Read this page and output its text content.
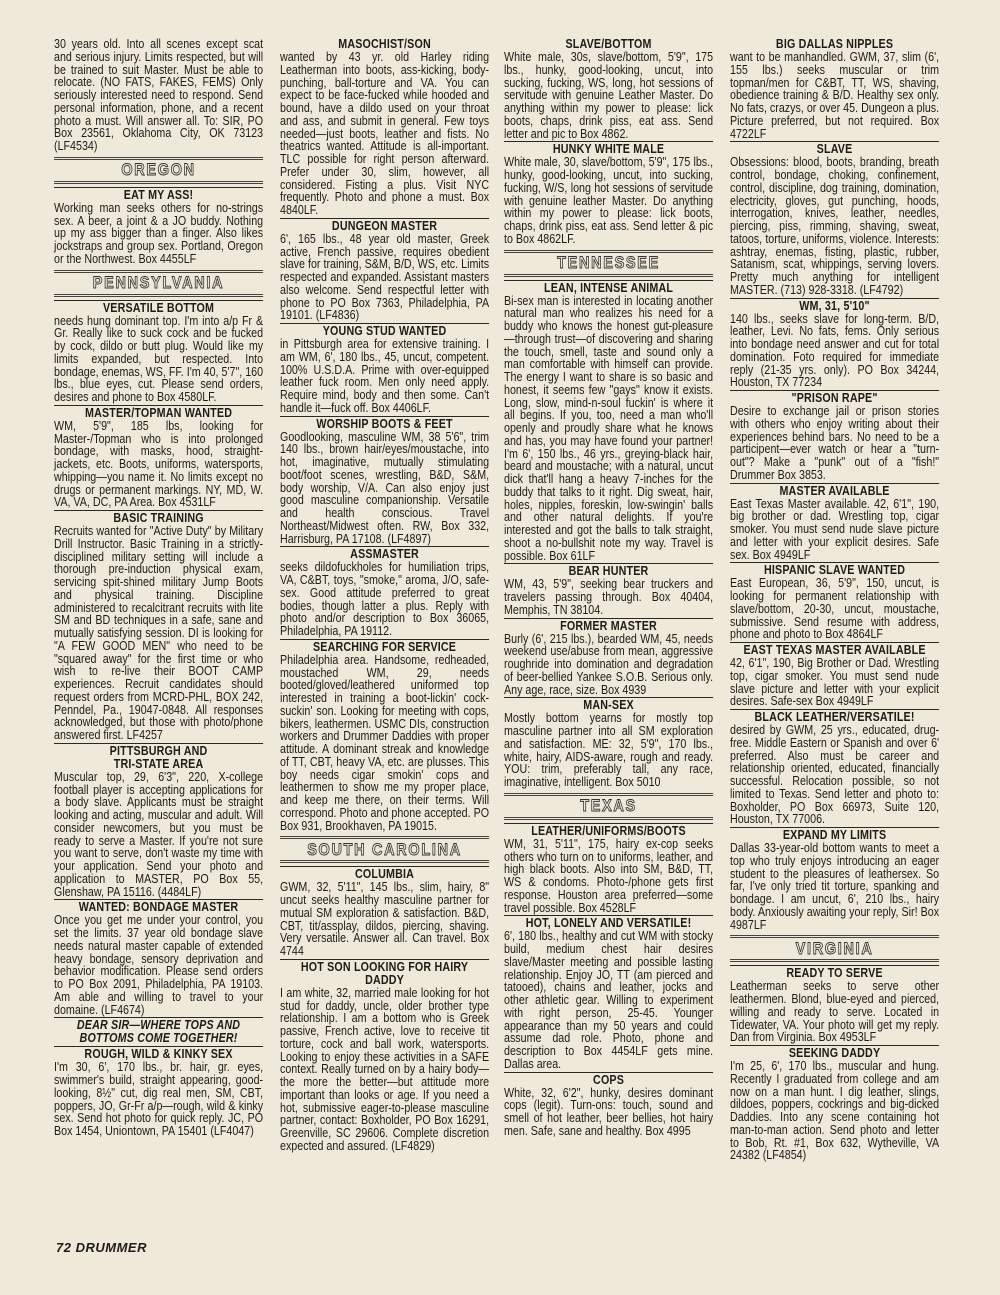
30 years old. Into all scenes except scat and serious injury. Limits respected, but will be trained to suit Master. Must be able to relocate. (NO FATS, FAKES, FEMS) Only seriously interested need to respond. Send personal information, phone, and a recent photo a must. Will answer all. To: SIR, PO Box 23561, Oklahoma City, OK 73123 (LF4534)
OREGON
EAT MY ASS!
Working man seeks others for no-strings sex. A beer, a joint & a JO buddy. Nothing up my ass bigger than a finger. Also likes jockstraps and group sex. Portland, Oregon or the Northwest. Box 4455LF
PENNSYLVANIA
VERSATILE BOTTOM
needs hung dominant top. I'm into a/p Fr & Gr. Really like to suck cock and be fucked by cock, dildo or butt plug. Would like my limits expanded, but respected. Into bondage, enemas, WS, FF. I'm 40, 5'7", 160 lbs., blue eyes, cut. Please send orders, desires and phone to Box 4580LF.
MASTER/TOPMAN WANTED
WM, 5'9", 185 lbs, looking for Master-/Topman who is into prolonged bondage, with masks, hood, straight-jackets, etc. Boots, uniforms, watersports, whipping—you name it. No limits except no drugs or permanent markings. NY, MD, W. VA, VA, DC, PA Area. Box 4531LF
BASIC TRAINING
Recruits wanted for "Active Duty" by Military Drill Instructor. Basic Training in a strictly-disciplined military setting will include a thorough pre-induction physical exam, servicing spit-shined military Jump Boots and physical training. Discipline administered to recalcitrant recruits with lite SM and BD techniques in a safe, sane and mutually satisfying session. DI is looking for "A FEW GOOD MEN" who need to be "squared away" for the first time or who wish to re-live their BOOT CAMP experiences. Recruit candidates should request orders from MCRD-PHL, BOX 242, Penndel, Pa., 19047-0848. All responses acknowledged, but those with photo/phone answered first. LF4257
PITTSBURGH AND
TRI-STATE AREA
Muscular top, 29, 6'3", 220, X-college football player is accepting applications for a body slave. Applicants must be straight looking and acting, muscular and adult. Will consider newcomers, but you must be ready to serve a Master. If you're not sure you want to serve, don't waste my time with your application. Send your photo and application to MASTER, PO Box 55, Glenshaw, PA 15116. (4484LF)
WANTED: BONDAGE MASTER
Once you get me under your control, you set the limits. 37 year old bondage slave needs natural master capable of extended heavy bondage, sensory deprivation and behavior modification. Please send orders to PO Box 2091, Philadelphia, PA 19103. Am able and willing to travel to your domaine. (LF4674)
DEAR SIR—WHERE TOPS AND
BOTTOMS COME TOGETHER!
ROUGH, WILD & KINKY SEX
I'm 30, 6', 170 lbs., br. hair, gr. eyes, swimmer's build, straight appearing, good-looking, 8½" cut, dig real men, SM, CBT, poppers, JO, Gr-Fr a/p—rough, wild & kinky sex. Send hot photo for quick reply. JC, PO Box 1454, Uniontown, PA 15401 (LF4047)
MASOCHIST/SON
wanted by 43 yr. old Harley riding Leatherman into boots, ass-kicking, body-punching, ball-torture and VA. You can expect to be face-fucked while hooded and bound, have a dildo used on your throat and ass, and submit in general. Few toys needed—just boots, leather and fists. No theatrics wanted. Attitude is all-important. TLC possible for right person afterward. Prefer under 30, slim, however, all considered. Fisting a plus. Visit NYC frequently. Photo and phone a must. Box 4840LF.
DUNGEON MASTER
6', 165 lbs., 48 year old master, Greek active, French passive, requires obedient slave for training, S&M, B/D, WS, etc. Limits respected and expanded. Assistant masters also welcome. Send respectful letter with phone to PO Box 7363, Philadelphia, PA 19101. (LF4836)
YOUNG STUD WANTED
in Pittsburgh area for extensive training. I am WM, 6', 180 lbs., 45, uncut, competent. 100% U.S.D.A. Prime with over-equipped leather fuck room. Men only need apply. Require mind, body and then some. Can't handle it—fuck off. Box 4406LF.
WORSHIP BOOTS & FEET
Goodlooking, masculine WM, 38 5'6", trim 140 lbs., brown hair/eyes/moustache, into hot, imaginative, mutually stimulating boot/foot scenes, wrestling, B&D, S&M, body worship, V/A. Can also enjoy just good masculine companionship. Versatile and health conscious. Travel Northeast/Midwest often. RW, Box 332, Harrisburg, PA 17108. (LF4897)
ASSMASTER
seeks dildofuckholes for humiliation trips, VA, C&BT, toys, "smoke," aroma, J/O, safe-sex. Good attitude preferred to great bodies, though latter a plus. Reply with photo and/or description to Box 36065, Philadelphia, PA 19112.
SEARCHING FOR SERVICE
Philadelphia area. Handsome, redheaded, moustached WM, 29, needs booted/gloved/leathered uniformed top interested in training a boot-lickin' cock-suckin' son. Looking for meeting with cops, bikers, leathermen. USMC DIs, construction workers and Drummer Daddies with proper attitude. A dominant streak and knowledge of TT, CBT, heavy VA, etc. are plusses. This boy needs cigar smokin' cops and leathermen to show me my proper place, and keep me there, on their terms. Will correspond. Photo and phone accepted. PO Box 931, Brookhaven, PA 19015.
SOUTH CAROLINA
COLUMBIA
GWM, 32, 5'11", 145 lbs., slim, hairy, 8" uncut seeks healthy masculine partner for mutual SM exploration & satisfaction. B&D, CBT, tit/assplay, dildos, piercing, shaving. Very versatile. Answer all. Can travel. Box 4744
HOT SON LOOKING FOR HAIRY
DADDY
I am white, 32, married male looking for hot stud for daddy, uncle, older brother type relationship. I am a bottom who is Greek passive, French active, love to receive tit torture, cock and ball work, watersports. Looking to enjoy these activities in a SAFE context. Really turned on by a hairy body—the more the better—but attitude more important than looks or age. If you need a hot, submissive eager-to-please masculine partner, contact: Boxholder, PO Box 16291, Greenville, SC 29606. Complete discretion expected and assured. (LF4829)
SLAVE/BOTTOM
White male, 30s, slave/bottom, 5'9", 175 lbs., hunky, good-looking, uncut, into sucking, fucking, WS, long, hot sessions of servitude with genuine Leather Master. Do anything within my power to please: lick boots, chaps, drink piss, eat ass. Send letter and pic to Box 4862.
HUNKY WHITE MALE
White male, 30, slave/bottom, 5'9", 175 lbs., hunky, good-looking, uncut, into sucking, fucking, W/S, long hot sessions of servitude with genuine leather Master. Do anything within my power to please: lick boots, chaps, drink piss, eat ass. Send letter & pic to Box 4862LF.
TENNESSEE
LEAN, INTENSE ANIMAL
Bi-sex man is interested in locating another natural man who realizes his need for a buddy who knows the honest gut-pleasure—through trust—of discovering and sharing the touch, smell, taste and sound only a man comfortable with himself can provide. The energy I want to share is so basic and honest, it seems few "gays" know it exists. Long, slow, mind-n-soul fuckin' is where it all begins. If you, too, need a man who'll openly and proudly share what he knows and has, you may have found your partner! I'm 6', 150 lbs., 46 yrs., greying-black hair, beard and moustache; with a natural, uncut dick that'll hang a heavy 7-inches for the buddy that talks to it right. Dig sweat, hair, holes, nipples, foreskin, low-swingin' balls and other natural delights. If you're interested and got the balls to talk straight, shoot a no-bullshit note my way. Travel is possible. Box 61LF
BEAR HUNTER
WM, 43, 5'9", seeking bear truckers and travelers passing through. Box 40404, Memphis, TN 38104.
FORMER MASTER
Burly (6', 215 lbs.), bearded WM, 45, needs weekend use/abuse from mean, aggressive roughride into domination and degradation of beer-bellied Yankee S.O.B. Serious only. Any age, race, size. Box 4939
MAN-SEX
Mostly bottom yearns for mostly top masculine partner into all SM exploration and satisfaction. ME: 32, 5'9", 170 lbs., white, hairy, AIDS-aware, rough and ready. YOU: trim, preferably tall, any race, imaginative, intelligent. Box 5010
TEXAS
LEATHER/UNIFORMS/BOOTS
WM, 31, 5'11", 175, hairy ex-cop seeks others who turn on to uniforms, leather, and high black boots. Also into SM, B&D, TT, WS & condoms. Photo-/phone gets first response. Houston area preferred—some travel possible. Box 4528LF
HOT, LONELY AND VERSATILE!
6', 180 lbs., healthy and cut WM with stocky build, medium chest hair desires slave/Master meeting and possible lasting relationship. Enjoy JO, TT (am pierced and tatooed), chains and leather, jocks and other athletic gear. Willing to experiment with right person, 25-45. Younger appearance than my 50 years and could assume dad role. Photo, phone and description to Box 4454LF gets mine. Dallas area.
COPS
White, 32, 6'2", hunky, desires dominant cops (legit). Turn-ons: touch, sound and smell of hot leather, beer bellies, hot hairy men. Safe, sane and healthy. Box 4995
BIG DALLAS NIPPLES
want to be manhandled. GWM, 37, slim (6', 155 lbs.) seeks muscular or trim topman/men for C&BT, TT, WS, shaving, obedience training & B/D. Healthy sex only. No fats, crazys, or over 45. Dungeon a plus. Picture preferred, but not required. Box 4722LF
SLAVE
Obsessions: blood, boots, branding, breath control, bondage, choking, confinement, control, discipline, dog training, domination, electricity, gloves, gut punching, hoods, interrogation, knives, leather, needles, piercing, piss, rimming, shaving, sweat, tatoos, torture, uniforms, violence. Interests: ashtray, enemas, fisting, plastic, rubber, Satanism, scat, whippings, serving lovers. Pretty much anything for intelligent MASTER. (713) 928-3318. (LF4792)
WM, 31, 5'10"
140 lbs., seeks slave for long-term. B/D, leather, Levi. No fats, fems. Only serious into bondage need answer and cut for total domination. Foto required for immediate reply (21-35 yrs. only). PO Box 34244, Houston, TX 77234
"PRISON RAPE"
Desire to exchange jail or prison stories with others who enjoy writing about their experiences behind bars. No need to be a participent—ever watch or hear a "turn-out"? Make a "punk" out of a "fish!" Drummer Box 3853.
MASTER AVAILABLE
East Texas Master available. 42, 6'1", 190, big brother or dad. Wrestling top, cigar smoker. You must send nude slave picture and letter with your explicit desires. Safe sex. Box 4949LF
HISPANIC SLAVE WANTED
East European, 36, 5'9", 150, uncut, is looking for permanent relationship with slave/bottom, 20-30, uncut, moustache, submissive. Send resume with address, phone and photo to Box 4864LF
EAST TEXAS MASTER AVAILABLE
42, 6'1", 190, Big Brother or Dad. Wrestling top, cigar smoker. You must send nude slave picture and letter with your explicit desires. Safe-sex Box 4949LF
BLACK LEATHER/VERSATILE!
desired by GWM, 25 yrs., educated, drug-free. Middle Eastern or Spanish and over 6' preferred. Also must be career and relationship oriented, educated, financially successful. Relocation possible, so not limited to Texas. Send letter and photo to: Boxholder, PO Box 66973, Suite 120, Houston, TX 77006.
EXPAND MY LIMITS
Dallas 33-year-old bottom wants to meet a top who truly enjoys introducing an eager student to the pleasures of leathersex. So far, I've only tried tit torture, spanking and bondage. I am uncut, 6', 210 lbs., hairy body. Anxiously awaiting your reply, Sir! Box 4987LF
VIRGINIA
READY TO SERVE
Leatherman seeks to serve other leathermen. Blond, blue-eyed and pierced, willing and ready to serve. Located in Tidewater, VA. Your photo will get my reply. Dan from Virginia. Box 4953LF
SEEKING DADDY
I'm 25, 6', 170 lbs., muscular and hung. Recently I graduated from college and am now on a man hunt. I dig leather, slings, dildoes, poppers, cockrings and big-dicked Daddies. Into any scene containing hot man-to-man action. Send photo and letter to Bob, Rt. #1, Box 632, Wytheville, VA 24382 (LF4854)
72 DRUMMER
